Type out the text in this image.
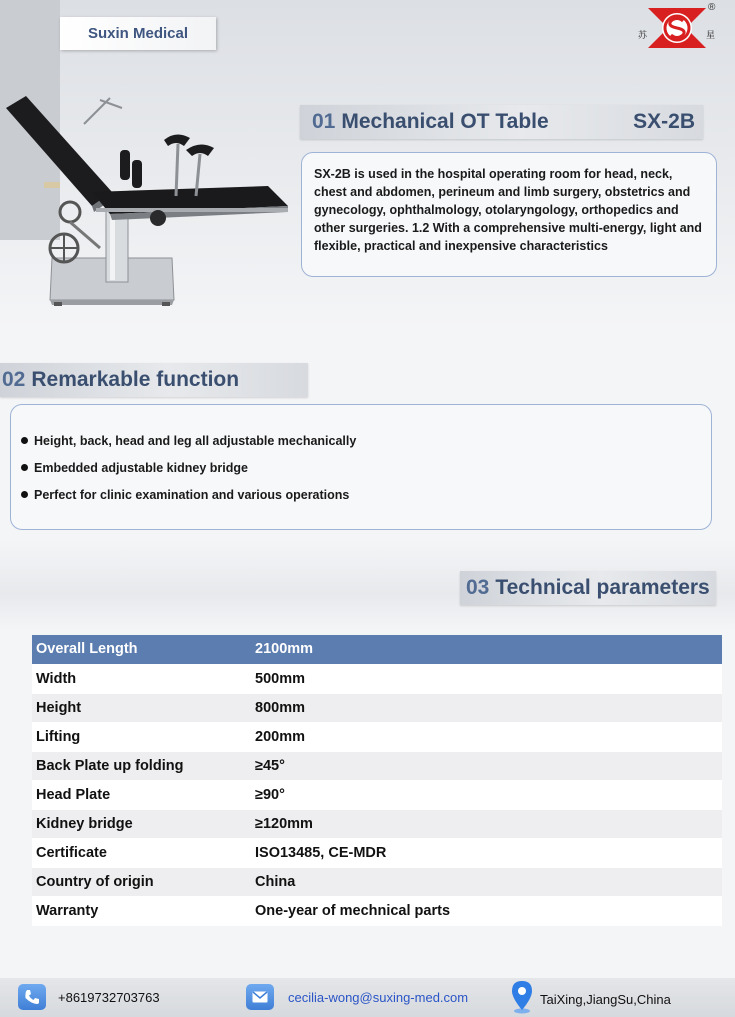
Suxin Medical	苏	星
®
01 Mechanical OT Table	SX-2B

SX-2B is used in the hospital operating room for head, neck, chest and abdomen, perineum and limb surgery, obstetrics and gynecology, ophthalmology, otolaryngology, orthopedics and other surgeries. 1.2 With a comprehensive multi-energy, light and flexible, practical and inexpensive characteristics

02 Remarkable function
Height, back, head and leg all adjustable mechanically
Embedded adjustable kidney bridge
Perfect for clinic examination and various operations
03 Technical parameters
Overall Length	2100mm
Width	500mm
Height	800mm
Lifting	200mm
Back Plate up folding	≥45°
Head Plate	≥90°
Kidney bridge	≥120mm
Certificate	ISO13485, CE-MDR
Country of origin	China
Warranty	One-year of mechnical parts
+8619732703763	cecilia-wong@suxing-med.com	TaiXing,JiangSu,China
